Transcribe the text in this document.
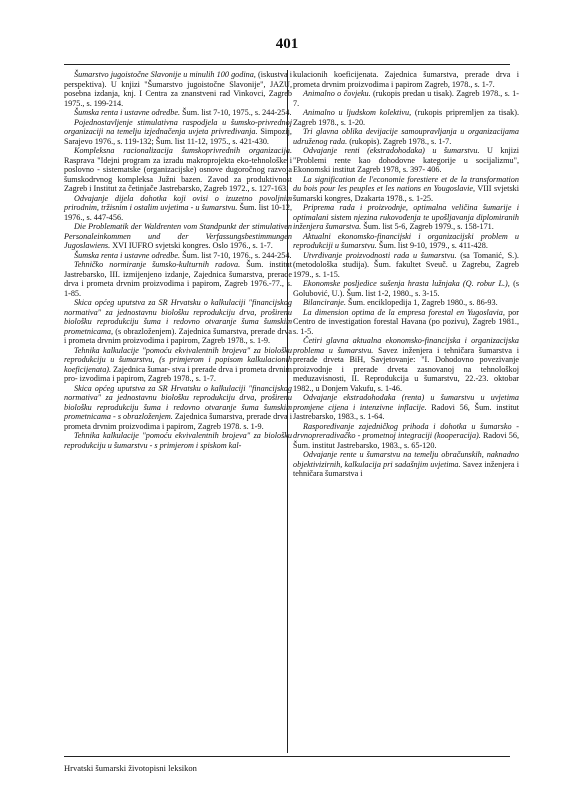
401

Šumarstvo jugoistočne Slavonije u minulih 100 godina, (iskustva i perspektiva). U knjizi "Šumarstvo jugoistočne Slavonije", JAZU, posebna izdanja, knj. I Centra za znanstveni rad Vinkovci, Zagreb 1975., s. 199-214.

Šumska renta i ustavne odredbe. Šum. list 7-10, 1975., s. 244-254.

Pojednostavljenje stimulativna raspodjela u šumsko-privrednoj organizaciji na temelju izjednačenja uvjeta privređivanja. Simpozij, Sarajevo 1976., s. 119-132; Šum. list 11-12, 1975., s. 421-430.

Kompleksna racionalizacija šumskoprivrednih organizacija. Rasprava "Idejni program za izradu makroprojekta eko-tehnološke i poslovno - sistematske (organizacijske) osnove dugoročnog razvoja šumskodrvnog kompleksa Južni bazen. Zavod za produktivnost Zagreb i Institut za četinjače Jastrebarsko, Zagreb 1972., s. 127-163.

Odvajanje dijela dohotka koji ovisi o izuzetno povoljnim prirodnim, tržisnim i ostalim uvjetima - u šumarstvu. Šum. list 10-12, 1976., s. 447-456.

Die Problematik der Waldrenten vom Standpunkt der stimulativen Personaleinkommen und der Verfassungsbestimmungen Jugoslawiens. XVI IUFRO svjetski kongres. Oslo 1976., s. 1-7.

Šumska renta i ustavne odredbe. Šum. list 7-10, 1976., s. 244-254.

Tehničko normiranje šumsko-kulturnih radova. Šum. institut Jastrebarsko, III. izmijenjeno izdanje, Zajednica šumarstva, prerade drva i prometa drvnim proizvodima i papirom, Zagreb 1976.-77., s. 1-85.

Skica općeg uputstva za SR Hrvatsku o kalkulaciji "financijskog normativa" za jednostavnu biološku reprodukciju drva, proširenu biološku reprodukciju šuma i redovno otvaranje šuma šumskim prometnicama, (s obrazloženjem). Zajednica šumarstva, prerade drva i prometa drvnim proizvodima i papirom, Zagreb 1978., s. 1-9.

Tehnika kalkulacije "pomoću ekvivalentnih brojeva" za biološku reprodukciju u šumarstvu, (s primjerom i popisom kalkulacionih koeficijenata). Zajednica šumar- stva i prerade drva i prometa drvnim pro- izvodima i papirom, Zagreb 1978., s. 1-7.

Skica općeg uputstva za SR Hrvatsku o kalkulaciji "financijskog normativa" za jednostavnu biološku reprodukciju drva, proširenu biološku reprodukciju šuma i redovno otvaranje šuma šumskim prometnicama - s obrazloženjem. Zajednica šumarstva, prerade drva i prometa drvnim proizvodima i papirom, Zagreb 1978. s. 1-9.

Tehnika kalkulacije "pomoću ekvivalentnih brojeva" za biološku reprodukciju u šumarstvu - s primjerom i spiskom kal-

kulacionih koeficijenata. Zajednica šumarstva, prerade drva i prometa drvnim proizvodima i papirom Zagreb, 1978., s. 1-7.

Animalno o čovjeku. (rukopis predan u tisak). Zagreb 1978., s. 1-7.

Animalno u ljudskom kolektivu, (rukopis pripremljen za tisak). Zagreb 1978., s. 1-20.

Tri glavna oblika devijacije samoupravljanja u organizacijama udruženog rada. (rukopis). Zagreb 1978., s. 1-7.

Odvajanje renti (ekstradohodaka) u šumarstvu. U knjizi "Problemi rente kao dohodovne kategorije u socijalizmu", Ekonomski institut Zagreb 1978, s. 397- 406.

La signification de l'economie forestiere et de la transformation du bois pour les peuples et les nations en Yougoslavie, VIII svjetski šumarski kongres, Dzakarta 1978., s. 1-25.

Priprema rada i proizvodnje, optimalna veličina šumarije i optimalani sistem njezina rukovođenja te upošljavanja diplomiranih inženjera šumarstva. Šum. list 5-6, Zagreb 1979., s. 158-171.

Aktualni ekonomsko-financijski i organizacijski problem u reprodukciji u šumarstvu. Šum. list 9-10, 1979., s. 411-428.

Utvrđivanje proizvodnosti rada u šumarstvu. (sa Tomanić, S.). (metodološka studija). Šum. fakultet Sveuč. u Zagrebu, Zagreb 1979., s. 1-15.

Ekonomske posljedice sušenja hrasta lužnjaka (Q. robur L.), (s Golubović, U.). Šum. list 1-2, 1980., s. 3-15.

Bilanciranje. Šum. enciklopedija 1, Zagreb 1980., s. 86-93.

La dimension optima de la empresa forestal en Yugoslavia, por Centro de investigation forestal Havana (po pozivu), Zagreb 1981., s. 1-5.

Četiri glavna aktualna ekonomsko-financijska i organizacijska problema u šumarstvu. Savez inženjera i tehničara šumarstva i prerade drveta BiH, Savjetovanje: "I. Dohodovno povezivanje proizvodnje i prerade drveta zasnovanoj na tehnološkoj međuzavisnosti, II. Reprodukcija u šumarstvu, 22.-23. oktobar 1982., u Donjem Vakufu, s. 1-46.

Odvajanje ekstradohodaka (renta) u šumarstvu u uvjetima promjene cijena i intenzivne inflacije. Radovi 56, Šum. institut Jastrebarsko, 1983., s. 1-64.

Raspoređivanje zajedničkog prihoda i dohotka u šumarsko - drvnopreradivačko - prometnoj integraciji (kooperacija). Radovi 56, Šum. institut Jastrebarsko, 1983., s. 65-120.

Odvajanje rente u šumarstvu na temelju obračunskih, naknadno objektivizirnih, kalkulacija pri sadašnjim uvjetima. Savez inženjera i tehničara šumarstva i

Hrvatski šumarski životopisni leksikon
